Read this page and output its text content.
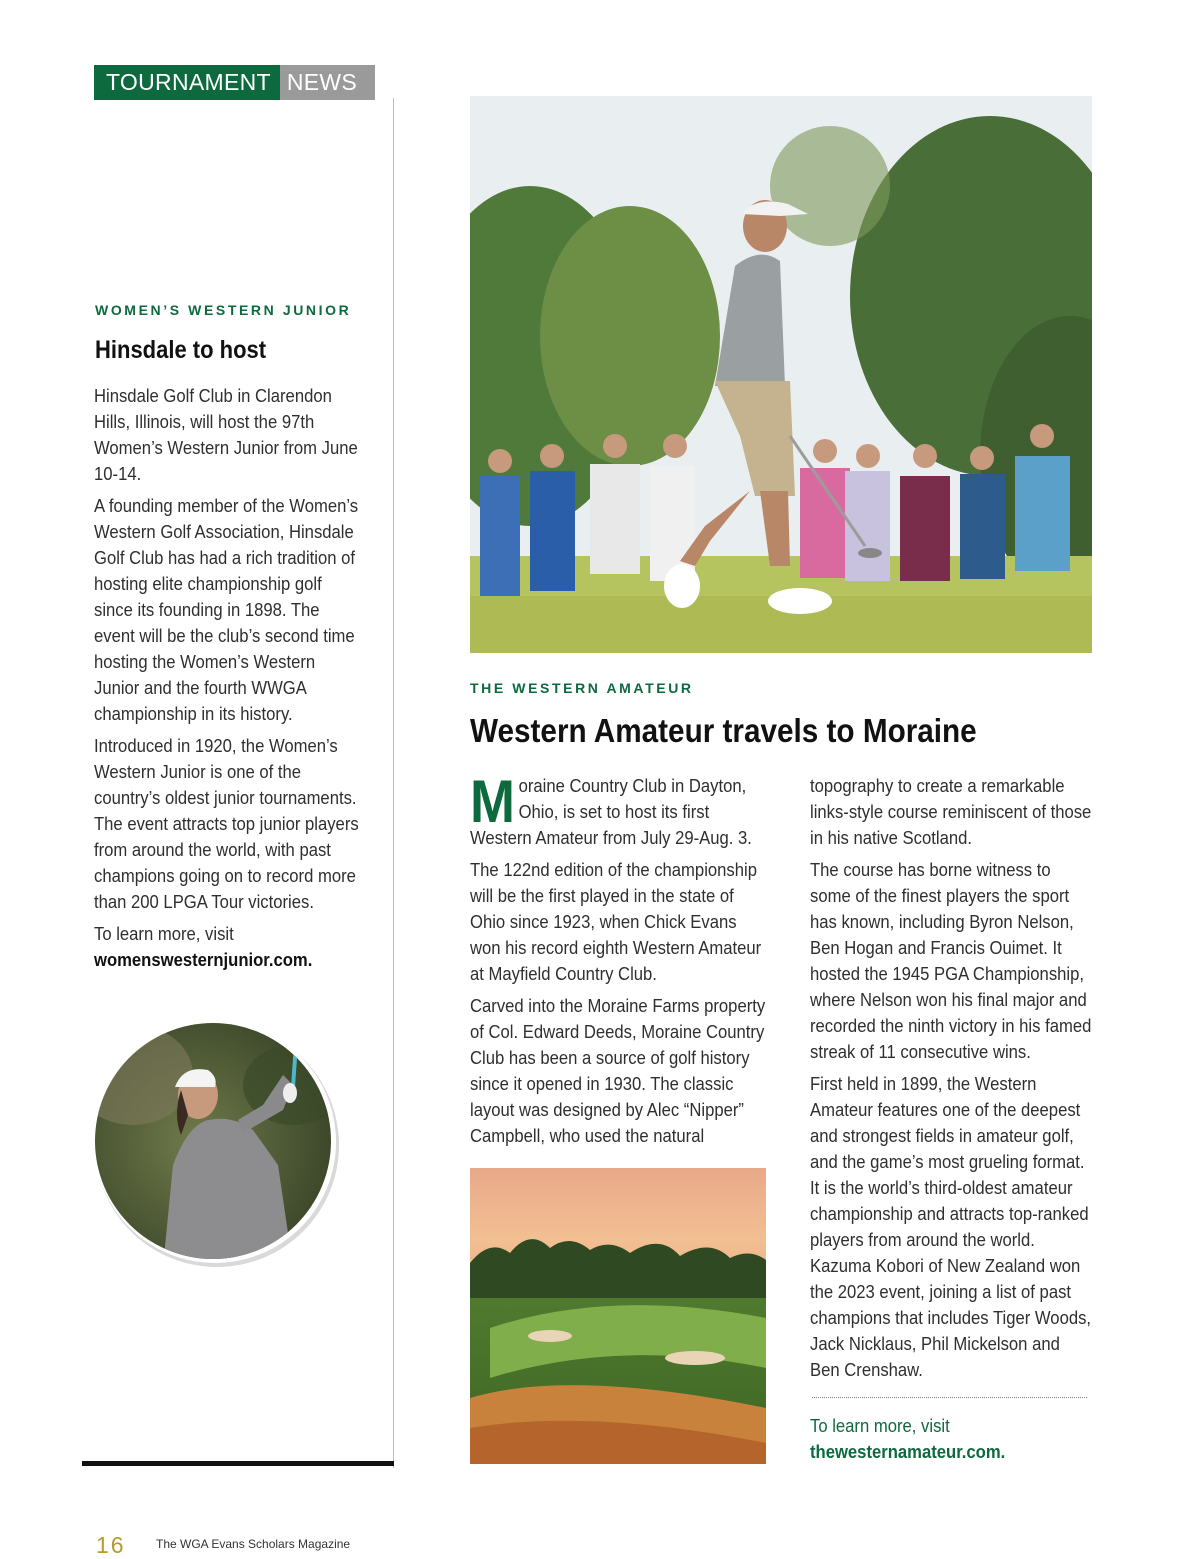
TOURNAMENT NEWS
WOMEN’S WESTERN JUNIOR
Hinsdale to host

Hinsdale Golf Club in Clarendon Hills, Illinois, will host the 97th Women’s Western Junior from June 10-14.

A founding member of the Women’s Western Golf Association, Hinsdale Golf Club has had a rich tradition of hosting elite championship golf since its founding in 1898. The event will be the club’s second time hosting the Women’s Western Junior and the fourth WWGA championship in its history.

Introduced in 1920, the Women’s Western Junior is one of the country’s oldest junior tournaments. The event attracts top junior players from around the world, with past champions going on to record more than 200 LPGA Tour victories.

To learn more, visit
womenswesternjunior.com.

THE WESTERN AMATEUR
Western Amateur travels to Moraine

Moraine Country Club in Dayton, Ohio, is set to host its first Western Amateur from July 29-Aug. 3.

The 122nd edition of the championship will be the first played in the state of Ohio since 1923, when Chick Evans won his record eighth Western Amateur at Mayfield Country Club.

Carved into the Moraine Farms property of Col. Edward Deeds, Moraine Country Club has been a source of golf history since it opened in 1930. The classic layout was designed by Alec “Nipper” Campbell, who used the natural

topography to create a remarkable links-style course reminiscent of those in his native Scotland.

The course has borne witness to some of the finest players the sport has known, including Byron Nelson, Ben Hogan and Francis Ouimet. It hosted the 1945 PGA Championship, where Nelson won his final major and recorded the ninth victory in his famed streak of 11 consecutive wins.

First held in 1899, the Western Amateur features one of the deepest and strongest fields in amateur golf, and the game’s most grueling format. It is the world’s third-oldest amateur championship and attracts top-ranked players from around the world. Kazuma Kobori of New Zealand won the 2023 event, joining a list of past champions that includes Tiger Woods, Jack Nicklaus, Phil Mickelson and Ben Crenshaw.

To learn more, visit
thewesternamateur.com.
16	The WGA Evans Scholars Magazine
